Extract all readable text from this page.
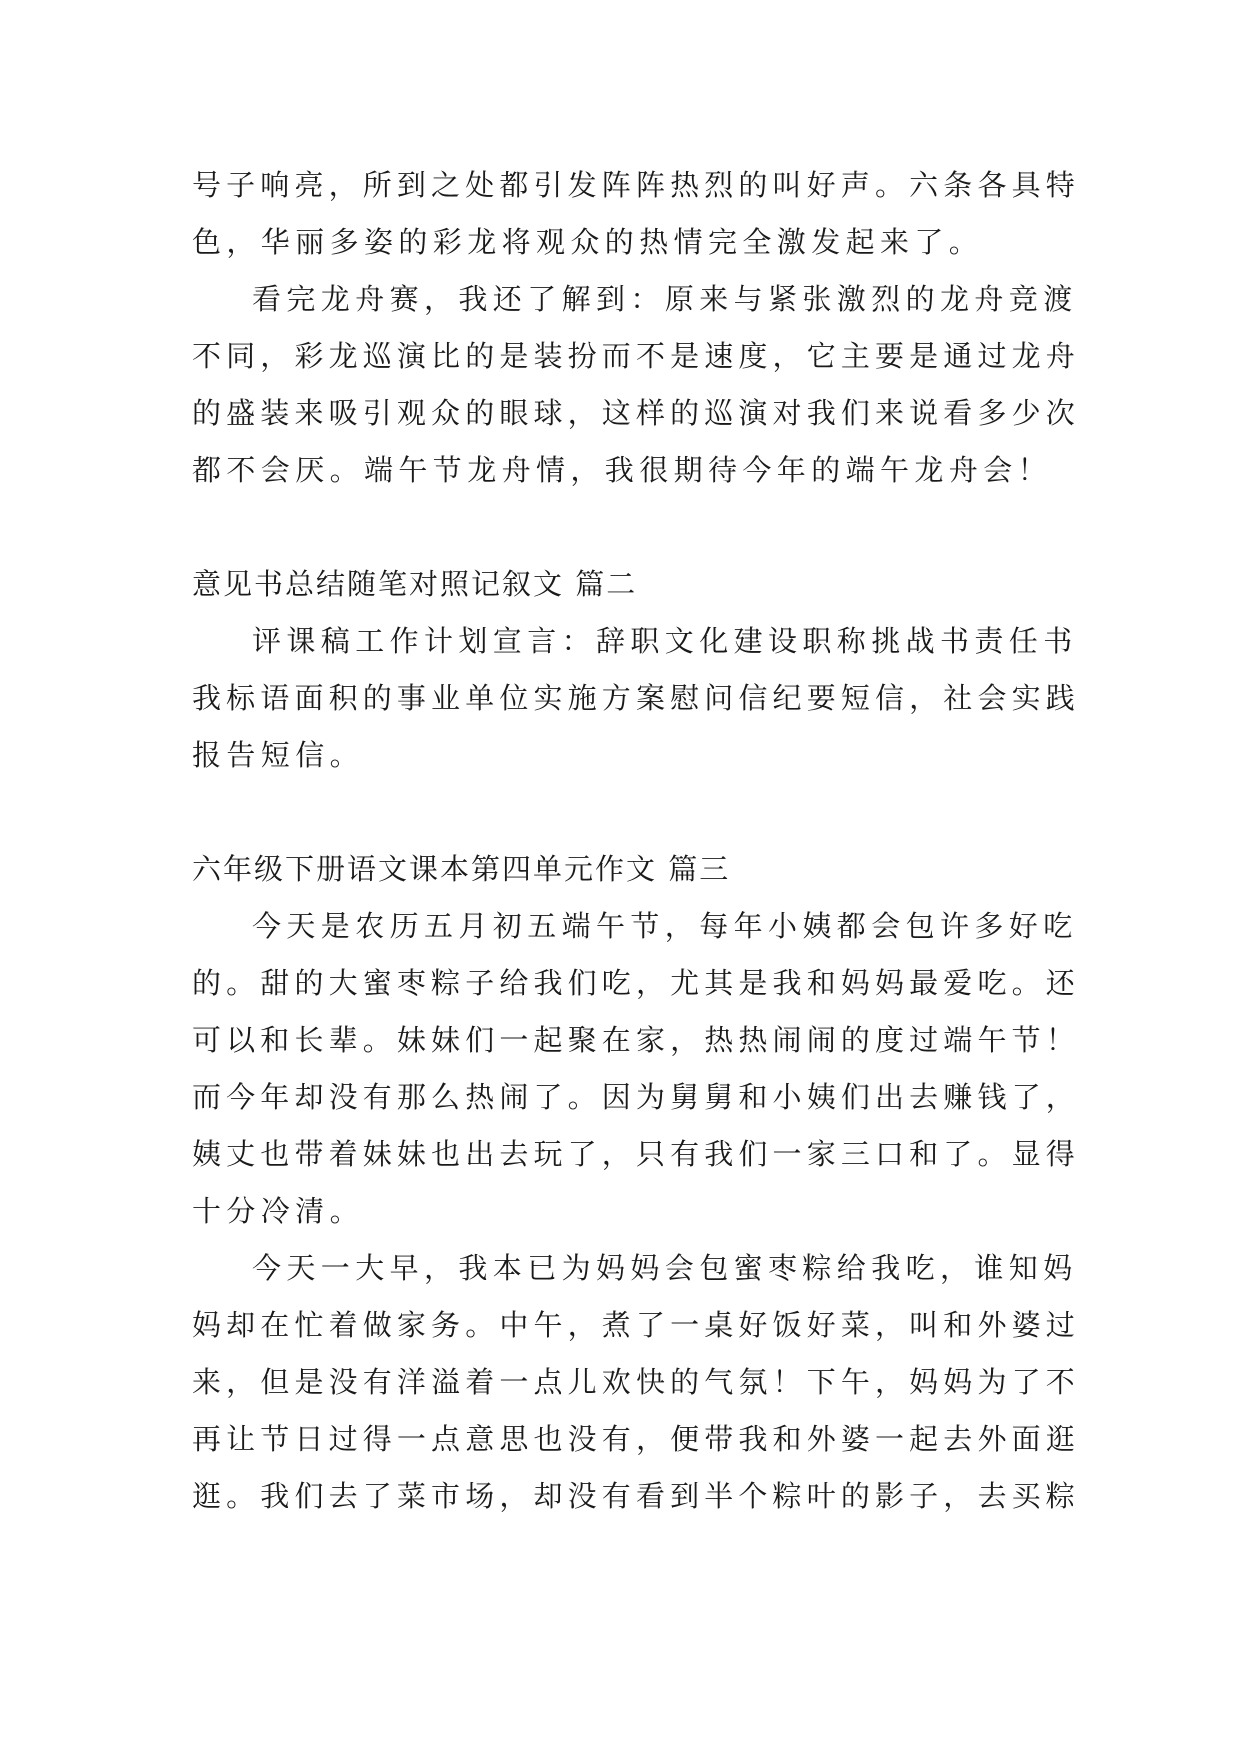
号子响亮，所到之处都引发阵阵热烈的叫好声。六条各具特
色，华丽多姿的彩龙将观众的热情完全激发起来了。
看完龙舟赛，我还了解到：原来与紧张激烈的龙舟竞渡
不同，彩龙巡演比的是装扮而不是速度，它主要是通过龙舟
的盛装来吸引观众的眼球，这样的巡演对我们来说看多少次
都不会厌。端午节龙舟情，我很期待今年的端午龙舟会！
意见书总结随笔对照记叙文 篇二
评课稿工作计划宣言：辞职文化建设职称挑战书责任书
我标语面积的事业单位实施方案慰问信纪要短信，社会实践
报告短信。
六年级下册语文课本第四单元作文 篇三
今天是农历五月初五端午节，每年小姨都会包许多好吃
的。甜的大蜜枣粽子给我们吃，尤其是我和妈妈最爱吃。还
可以和长辈。妹妹们一起聚在家，热热闹闹的度过端午节！
而今年却没有那么热闹了。因为舅舅和小姨们出去赚钱了，
姨丈也带着妹妹也出去玩了，只有我们一家三口和了。显得
十分冷清。
今天一大早，我本已为妈妈会包蜜枣粽给我吃，谁知妈
妈却在忙着做家务。中午，煮了一桌好饭好菜，叫和外婆过
来，但是没有洋溢着一点儿欢快的气氛！下午，妈妈为了不
再让节日过得一点意思也没有，便带我和外婆一起去外面逛
逛。我们去了菜市场，却没有看到半个粽叶的影子，去买粽
